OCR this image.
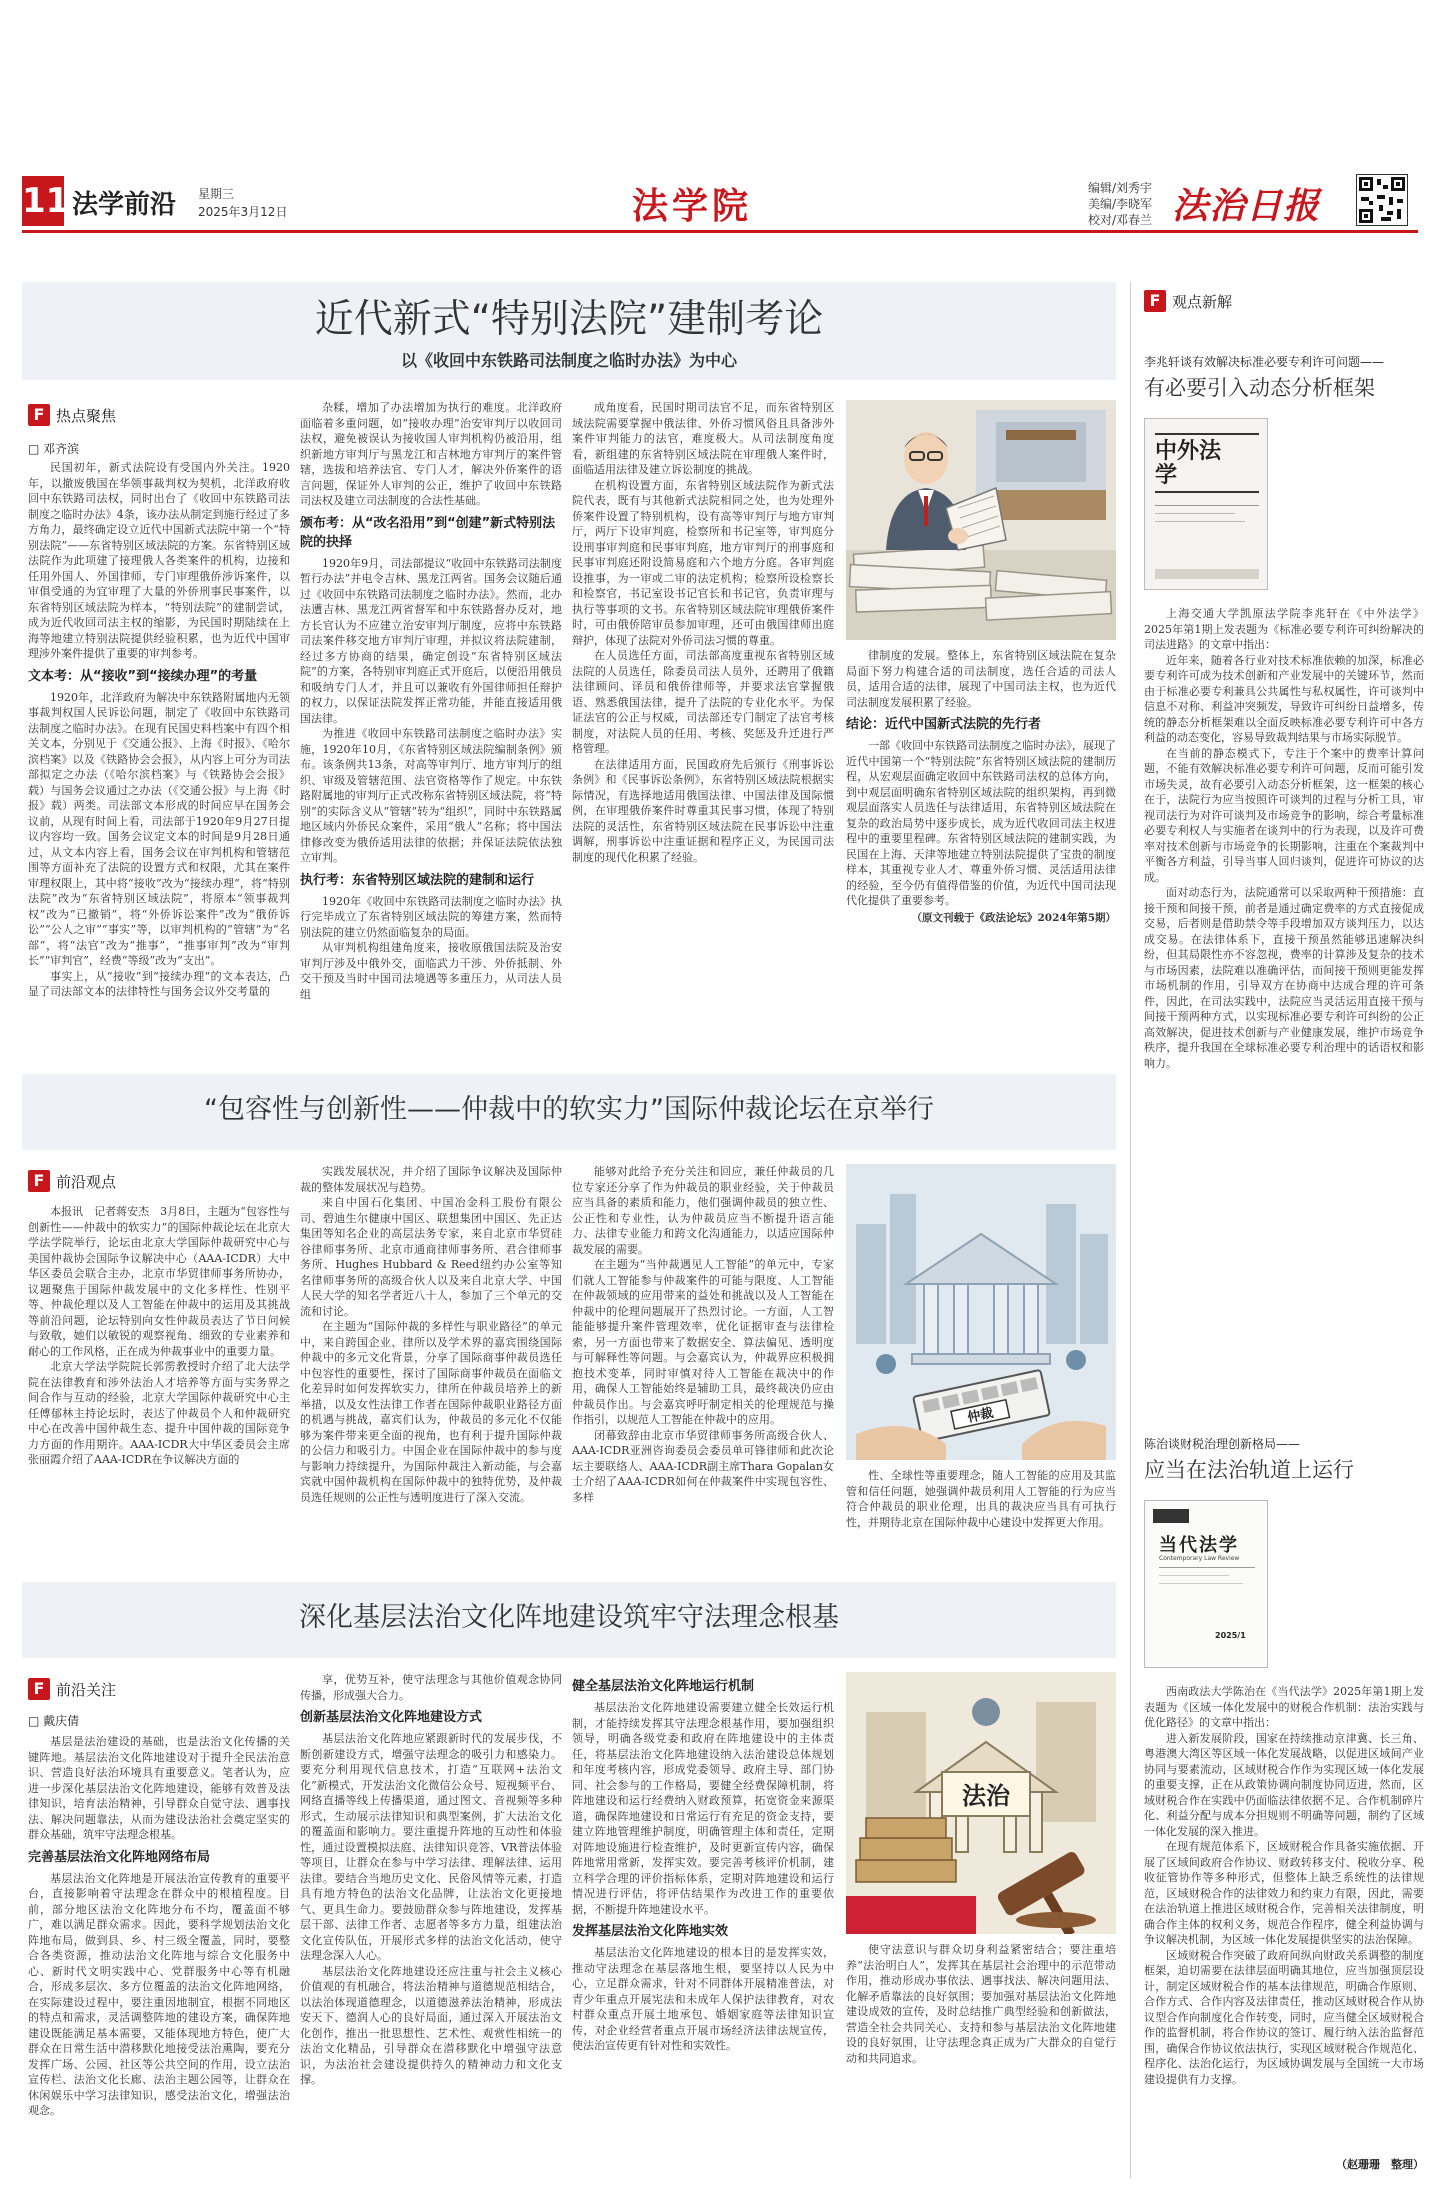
11 法学前沿 星期三
2025年3月12日	法学院	编辑/刘秀宇
美编/李晓军
校对/邓春兰 法治日报
近代新式“特别法院”建制考论
以《收回中东铁路司法制度之临时办法》为中心
F 热点聚焦
□ 邓齐滨

民国初年，新式法院设有受国内外关注。1920年，以撤废俄国在华领事裁判权为契机，北洋政府收回中东铁路司法权，同时出台了《收回中东铁路司法制度之临时办法》4条，该办法从制定到施行经过了多方角力，最终确定设立近代中国新式法院中第一个“特别法院”——东省特别区域法院的方案。东省特别区域法院作为此项建了接理俄人各类案件的机构，边接和任用外国人、外国律师，专门审理俄侨涉诉案件，以审俱受通的为宜审理了大量的外侨刑事民事案件，以东省特别区域法院为样本，“特别法院”的建制尝试，成为近代收回司法主权的缩影，为民国时期陆续在上海等地建立特别法院提供经验积累，也为近代中国审理涉外案件提供了重要的审判参考。

文本考：从“接收”到“接续办理”的考量

1920年，北洋政府为解决中东铁路附属地内无领事裁判权国人民诉讼问题，制定了《收回中东铁路司法制度之临时办法》。在现有民国史料档案中有四个相关文本，分别见于《交通公报》、上海《时报》、《哈尔滨档案》以及《铁路协会会报》，从内容上可分为司法部拟定之办法（《哈尔滨档案》与《铁路协会会报》载）与国务会议通过之办法（《交通公报》与上海《时报》载）两类。司法部文本形成的时间应早在国务会议前，从现有时间上看，司法部于1920年9月27日提议内容均一致。国务会议定文本的时间是9月28日通过，从文本内容上看，国务会议在审判机构和管辖范围等方面补充了法院的设置方式和权限，尤其在案件审理权限上，其中将“接收”改为“接续办理”，将“特别法院”改为“东省特别区域法院”，将原本“领事裁判权”改为“已撤销”，将“外侨诉讼案件”改为“俄侨诉讼”“公人之审”“事实”等，以审判机构的“管辖”为“名部”，将“法官”改为“推事”，“推事审判”改为“审判长”“审判官”，经费“等级”改为“支出”。

事实上，从“接收”到“接续办理”的文本表达，凸显了司法部文本的法律特性与国务会议外交考量的

杂糅，增加了办法增加为执行的难度。北洋政府面临着多重问题，如“接收办理”治安审判厅以收回司法权，避免被误认为接收国人审判机构仍被沿用，组织新地方审判厅与黑龙江和吉林地方审判厅的案件管辖，选拔和培养法官、专门人才，解决外侨案件的语言问题，保证外人审判的公正，维护了收回中东铁路司法权及建立司法制度的合法性基础。

颁布考：从“改名沿用”到“创建”新式特别法院的抉择

1920年9月，司法部提议“收回中东铁路司法制度暂行办法”并电令吉林、黑龙江两省。国务会议随后通过《收回中东铁路司法制度之临时办法》。然而，北办法遭吉林、黑龙江两省督军和中东铁路督办反对，地方长官认为不应建立治安审判厅制度，应将中东铁路司法案件移交地方审判厅审理，并拟议将法院建制，经过多方协商的结果，确定创设“东省特别区域法院”的方案，各特别审判庭正式开庭后，以便沿用俄员和吸纳专门人才，并且可以兼收有外国律师担任辩护的权力，以保证法院发挥正常功能，并能直接适用俄国法律。

为推进《收回中东铁路司法制度之临时办法》实施，1920年10月，《东省特别区域法院编制条例》颁布。该条例共13条，对高等审判厅、地方审判厅的组织、审级及管辖范围、法官资格等作了规定。中东铁路附属地的审判厅正式改称东省特别区域法院，将“特别”的实际含义从“管辖”转为“组织”，同时中东铁路属地区域内外侨民众案件，采用“俄人”名称；将中国法律修改变为俄侨适用法律的依据；并保证法院依法独立审判。

执行考：东省特别区域法院的建制和运行

1920年《收回中东铁路司法制度之临时办法》执行完毕成立了东省特别区域法院的筹建方案，然而特别法院的建立仍然面临复杂的局面。

从审判机构组建角度来，接收原俄国法院及治安审判厅涉及中俄外交，面临武力干涉、外侨抵制、外交干预及当时中国司法境遇等多重压力，从司法人员组

成角度看，民国时期司法官不足，而东省特别区域法院需要掌握中俄法律、外侨习惯风俗且具备涉外案件审判能力的法官，难度极大。从司法制度角度看，新组建的东省特别区域法院在审理俄人案件时，面临适用法律及建立诉讼制度的挑战。

在机构设置方面，东省特别区域法院作为新式法院代表，既有与其他新式法院相同之处，也为处理外侨案件设置了特别机构，设有高等审判厅与地方审判厅，两厅下设审判庭，检察所和书记室等，审判庭分设刑事审判庭和民事审判庭，地方审判厅的刑事庭和民事审判庭还附设简易庭和六个地方分庭。各审判庭设推事，为一审或二审的法定机构；检察所设检察长和检察官，书记室设书记官长和书记官，负责审理与执行等事项的文书。东省特别区域法院审理俄侨案件时，可由俄侨陪审员参加审理，还可由俄国律师出庭辩护，体现了法院对外侨司法习惯的尊重。

在人员选任方面，司法部高度重视东省特别区域法院的人员选任，除委员司法人员外，还聘用了俄籍法律顾问、译员和俄侨律师等，并要求法官掌握俄语、熟悉俄国法律，提升了法院的专业化水平。为保证法官的公正与权威，司法部还专门制定了法官考核制度，对法院人员的任用、考核、奖惩及升迁进行严格管理。

在法律适用方面，民国政府先后颁行《刑事诉讼条例》和《民事诉讼条例》，东省特别区域法院根据实际情况，有选择地适用俄国法律、中国法律及国际惯例，在审理俄侨案件时尊重其民事习惯，体现了特别法院的灵活性，东省特别区域法院在民事诉讼中注重调解，刑事诉讼中注重证据和程序正义，为民国司法制度的现代化积累了经验。

律制度的发展。整体上，东省特别区域法院在复杂局面下努力构建合适的司法制度，选任合适的司法人员，适用合适的法律，展现了中国司法主权，也为近代司法制度发展积累了经验。

结论：近代中国新式法院的先行者

一部《收回中东铁路司法制度之临时办法》，展现了近代中国第一个“特别法院”东省特别区域法院的建制历程，从宏观层面确定收回中东铁路司法权的总体方向，到中观层面明确东省特别区域法院的组织架构，再到微观层面落实人员选任与法律适用，东省特别区域法院在复杂的政治局势中逐步成长，成为近代收回司法主权进程中的重要里程碑。东省特别区域法院的建制实践，为民国在上海、天津等地建立特别法院提供了宝贵的制度样本，其重视专业人才、尊重外侨习惯、灵活适用法律的经验，至今仍有值得借鉴的价值，为近代中国司法现代化提供了重要参考。

（原文刊载于《政法论坛》2024年第5期）
“包容性与创新性——仲裁中的软实力”国际仲裁论坛在京举行
F 前沿观点

本报讯　记者蒋安杰　3月8日，主题为“包容性与创新性——仲裁中的软实力”的国际仲裁论坛在北京大学法学院举行，论坛由北京大学国际仲裁研究中心与美国仲裁协会国际争议解决中心（AAA-ICDR）大中华区委员会联合主办，北京市华贸律师事务所协办，议题聚焦于国际仲裁发展中的文化多样性、性别平等、仲裁伦理以及人工智能在仲裁中的运用及其挑战等前沿问题，论坛特别向女性仲裁员表达了节日问候与致敬，她们以敏锐的观察视角、细致的专业素养和耐心的工作风格，正在成为仲裁事业中的重要力量。

北京大学法学院院长郭雳教授时介绍了北大法学院在法律教育和涉外法治人才培养等方面与实务界之间合作与互动的经验，北京大学国际仲裁研究中心主任傅郁林主持论坛时，表达了仲裁员个人和仲裁研究中心在改善中国仲裁生态、提升中国仲裁的国际竞争力方面的作用期许。AAA-ICDR大中华区委员会主席张丽霞介绍了AAA-ICDR在争议解决方面的

实践发展状况，并介绍了国际争议解决及国际仲裁的整体发展状况与趋势。

来自中国石化集团、中国冶金科工股份有限公司、碧迪生尔健康中国区、联想集团中国区、先正达集团等知名企业的高层法务专家，来自北京市华贸硅谷律师事务所、北京市通商律师事务所、君合律师事务所、Hughes Hubbard & Reed纽约办公室等知名律师事务所的高级合伙人以及来自北京大学、中国人民大学的知名学者近八十人，参加了三个单元的交流和讨论。

在主题为“国际仲裁的多样性与职业路径”的单元中，来自跨国企业、律所以及学术界的嘉宾围绕国际仲裁中的多元文化背景，分享了国际商事仲裁员选任中包容性的重要性，探讨了国际商事仲裁员在面临文化差异时如何发挥软实力，律所在仲裁员培养上的新举措，以及女性法律工作者在国际仲裁职业路径方面的机遇与挑战，嘉宾们认为，仲裁员的多元化不仅能够为案件带来更全面的视角，也有利于提升国际仲裁的公信力和吸引力。中国企业在国际仲裁中的参与度与影响力持续提升，为国际仲裁注入新动能，与会嘉宾就中国仲裁机构在国际仲裁中的独特优势，及仲裁员选任规则的公正性与透明度进行了深入交流。

能够对此给予充分关注和回应，兼任仲裁员的几位专家还分享了作为仲裁员的职业经验，关于仲裁员应当具备的素质和能力，他们强调仲裁员的独立性、公正性和专业性，认为仲裁员应当不断提升语言能力、法律专业能力和跨文化沟通能力，以适应国际仲裁发展的需要。

在主题为“当仲裁遇见人工智能”的单元中，专家们就人工智能参与仲裁案件的可能与限度、人工智能在仲裁领域的应用带来的益处和挑战以及人工智能在仲裁中的伦理问题展开了热烈讨论。一方面，人工智能能够提升案件管理效率，优化证据审查与法律检索，另一方面也带来了数据安全、算法偏见、透明度与可解释性等问题。与会嘉宾认为，仲裁界应积极拥抱技术变革，同时审慎对待人工智能在裁决中的作用，确保人工智能始终是辅助工具，最终裁决仍应由仲裁员作出。与会嘉宾呼吁制定相关的伦理规范与操作指引，以规范人工智能在仲裁中的应用。

闭幕致辞由北京市华贸律师事务所高级合伙人、AAA-ICDR亚洲咨询委员会委员单可锋律师和此次论坛主要联络人、AAA-ICDR副主席Thara Gopalan女士介绍了AAA-ICDR如何在仲裁案件中实现包容性、多样

仲裁

性、全球性等重要理念，随人工智能的应用及其监管和信任问题，她强调仲裁员利用人工智能的行为应当符合仲裁员的职业伦理，出具的裁决应当具有可执行性，并期待北京在国际仲裁中心建设中发挥更大作用。

深化基层法治文化阵地建设筑牢守法理念根基
F 前沿关注
□ 戴庆倩

基层是法治建设的基础，也是法治文化传播的关键阵地。基层法治文化阵地建设对于提升全民法治意识、营造良好法治环境具有重要意义。笔者认为，应进一步深化基层法治文化阵地建设，能够有效普及法律知识，培育法治精神，引导群众自觉守法、遇事找法、解决问题靠法，从而为建设法治社会奠定坚实的群众基础，筑牢守法理念根基。

完善基层法治文化阵地网络布局

基层法治文化阵地是开展法治宣传教育的重要平台，直接影响着守法理念在群众中的根植程度。目前，部分地区法治文化阵地分布不均，覆盖面不够广，难以满足群众需求。因此，要科学规划法治文化阵地布局，做到县、乡、村三级全覆盖，同时，要整合各类资源，推动法治文化阵地与综合文化服务中心、新时代文明实践中心、党群服务中心等有机融合，形成多层次、多方位覆盖的法治文化阵地网络，在实际建设过程中，要注重因地制宜，根据不同地区的特点和需求，灵活调整阵地的建设方案，确保阵地建设既能满足基本需要，又能体现地方特色，使广大群众在日常生活中潜移默化地接受法治熏陶，要充分发挥广场、公园、社区等公共空间的作用，设立法治宣传栏、法治文化长廊、法治主题公园等，让群众在休闲娱乐中学习法律知识，感受法治文化，增强法治观念。

享，优势互补，使守法理念与其他价值观念协同传播，形成强大合力。

创新基层法治文化阵地建设方式

基层法治文化阵地应紧跟新时代的发展步伐，不断创新建设方式，增强守法理念的吸引力和感染力。要充分利用现代信息技术，打造“互联网+法治文化”新模式，开发法治文化微信公众号、短视频平台、网络直播等线上传播渠道，通过图文、音视频等多种形式，生动展示法律知识和典型案例，扩大法治文化的覆盖面和影响力。要注重提升阵地的互动性和体验性，通过设置模拟法庭、法律知识竞答、VR普法体验等项目，让群众在参与中学习法律、理解法律、运用法律。要结合当地历史文化、民俗风情等元素，打造具有地方特色的法治文化品牌，让法治文化更接地气、更具生命力。要鼓励群众参与阵地建设，发挥基层干部、法律工作者、志愿者等多方力量，组建法治文化宣传队伍，开展形式多样的法治文化活动，使守法理念深入人心。

基层法治文化阵地建设还应注重与社会主义核心价值观的有机融合，将法治精神与道德规范相结合，以法治体现道德理念，以道德滋养法治精神，形成法安天下、德润人心的良好局面，通过深入开展法治文化创作，推出一批思想性、艺术性、观赏性相统一的法治文化精品，引导群众在潜移默化中增强守法意识，为法治社会建设提供持久的精神动力和文化支撑。

健全基层法治文化阵地运行机制

基层法治文化阵地建设需要建立健全长效运行机制，才能持续发挥其守法理念根基作用，要加强组织领导，明确各级党委和政府在阵地建设中的主体责任，将基层法治文化阵地建设纳入法治建设总体规划和年度考核内容，形成党委领导、政府主导、部门协同、社会参与的工作格局，要健全经费保障机制，将阵地建设和运行经费纳入财政预算，拓宽资金来源渠道，确保阵地建设和日常运行有充足的资金支持，要建立阵地管理维护制度，明确管理主体和责任，定期对阵地设施进行检查维护，及时更新宣传内容，确保阵地常用常新，发挥实效。要完善考核评价机制，建立科学合理的评价指标体系，定期对阵地建设和运行情况进行评估，将评估结果作为改进工作的重要依据，不断提升阵地建设水平。

发挥基层法治文化阵地实效

基层法治文化阵地建设的根本目的是发挥实效，推动守法理念在基层落地生根，要坚持以人民为中心，立足群众需求，针对不同群体开展精准普法，对青少年重点开展宪法和未成年人保护法律教育，对农村群众重点开展土地承包、婚姻家庭等法律知识宣传，对企业经营者重点开展市场经济法律法规宣传，使法治宣传更有针对性和实效性。

法治

使守法意识与群众切身利益紧密结合；要注重培养“法治明白人”，发挥其在基层社会治理中的示范带动作用，推动形成办事依法、遇事找法、解决问题用法、化解矛盾靠法的良好氛围；要加强对基层法治文化阵地建设成效的宣传，及时总结推广典型经验和创新做法，营造全社会共同关心、支持和参与基层法治文化阵地建设的良好氛围，让守法理念真正成为广大群众的自觉行动和共同追求。

F 观点新解
李兆轩谈有效解决标准必要专利许可问题——
有必要引入动态分析框架
中外法学

上海交通大学凯原法学院李兆轩在《中外法学》2025年第1期上发表题为《标准必要专利许可纠纷解决的司法进路》的文章中指出：

近年来，随着各行业对技术标准依赖的加深，标准必要专利许可成为技术创新和产业发展中的关键环节，然而由于标准必要专利兼具公共属性与私权属性，许可谈判中信息不对称、利益冲突频发，导致许可纠纷日益增多，传统的静态分析框架难以全面反映标准必要专利许可中各方利益的动态变化，容易导致裁判结果与市场实际脱节。

在当前的静态模式下，专注于个案中的费率计算问题，不能有效解决标准必要专利许可问题，反而可能引发市场失灵，故有必要引入动态分析框架，这一框架的核心在于，法院行为应当按照许可谈判的过程与分析工具，审视司法行为对许可谈判及市场竞争的影响，综合考量标准必要专利权人与实施者在谈判中的行为表现，以及许可费率对技术创新与市场竞争的长期影响，注重在个案裁判中平衡各方利益，引导当事人回归谈判，促进许可协议的达成。

面对动态行为，法院通常可以采取两种干预措施：直接干预和间接干预，前者是通过确定费率的方式直接促成交易，后者则是借助禁令等手段增加双方谈判压力，以达成交易。在法律体系下，直接干预虽然能够迅速解决纠纷，但其局限性亦不容忽视，费率的计算涉及复杂的技术与市场因素，法院难以准确评估，而间接干预则更能发挥市场机制的作用，引导双方在协商中达成合理的许可条件，因此，在司法实践中，法院应当灵活运用直接干预与间接干预两种方式，以实现标准必要专利许可纠纷的公正高效解决，促进技术创新与产业健康发展，维护市场竞争秩序，提升我国在全球标准必要专利治理中的话语权和影响力。

陈治谈财税治理创新格局——
应当在法治轨道上运行
当代法学
Contemporary Law Review
2025/1

西南政法大学陈治在《当代法学》2025年第1期上发表题为《区域一体化发展中的财税合作机制：法治实践与优化路径》的文章中指出：

进入新发展阶段，国家在持续推动京津冀、长三角、粤港澳大湾区等区域一体化发展战略，以促进区域间产业协同与要素流动，区域财税合作作为实现区域一体化发展的重要支撑，正在从政策协调向制度协同迈进，然而，区域财税合作在实践中仍面临法律依据不足、合作机制碎片化、利益分配与成本分担规则不明确等问题，制约了区域一体化发展的深入推进。

在现有规范体系下，区域财税合作具备实施依据、开展了区域间政府合作协议、财政转移支付、税收分享、税收征管协作等多种形式，但整体上缺乏系统性的法律规范，区域财税合作的法律效力和约束力有限，因此，需要在法治轨道上推进区域财税合作，完善相关法律制度，明确合作主体的权利义务，规范合作程序，健全利益协调与争议解决机制，为区域一体化发展提供坚实的法治保障。

区域财税合作突破了政府间纵向财政关系调整的制度框架，迫切需要在法律层面明确其地位，应当加强顶层设计，制定区域财税合作的基本法律规范，明确合作原则、合作方式、合作内容及法律责任，推动区域财税合作从协议型合作向制度化合作转变，同时，应当健全区域财税合作的监督机制，将合作协议的签订、履行纳入法治监督范围，确保合作协议依法执行，实现区域财税合作规范化、程序化、法治化运行，为区域协调发展与全国统一大市场建设提供有力支撑。

（赵珊珊　整理）
